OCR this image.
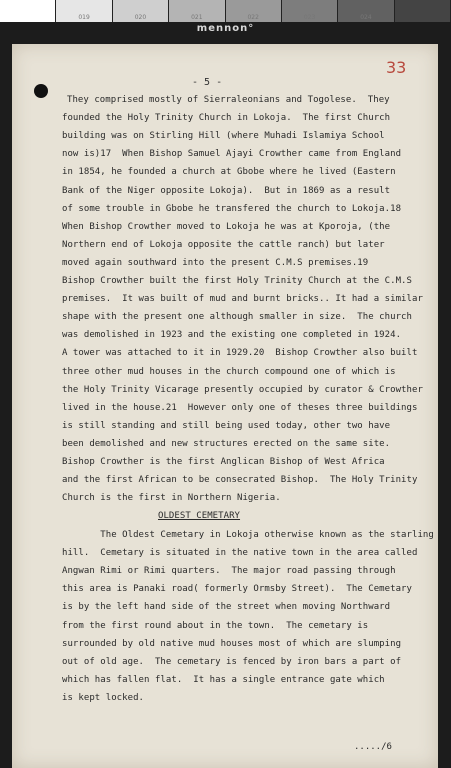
019	020	021	022	023	024
mennon°
33
- 5 -
They comprised mostly of Sierraleonians and Togolese.  They
founded the Holy Trinity Church in Lokoja.  The first Church
building was on Stirling Hill (where Muhadi Islamiya School
now is)17  When Bishop Samuel Ajayi Crowther came from England
in 1854, he founded a church at Gbobe where he lived (Eastern
Bank of the Niger opposite Lokoja).  But in 1869 as a result
of some trouble in Gbobe he transfered the church to Lokoja.18
When Bishop Crowther moved to Lokoja he was at Kporoja, (the
Northern end of Lokoja opposite the cattle ranch) but later
moved again southward into the present C.M.S premises.19
Bishop Crowther built the first Holy Trinity Church at the C.M.S
premises.  It was built of mud and burnt bricks.. It had a similar
shape with the present one although smaller in size.  The church
was demolished in 1923 and the existing one completed in 1924.
A tower was attached to it in 1929.20  Bishop Crowther also built
three other mud houses in the church compound one of which is
the Holy Trinity Vicarage presently occupied by curator & Crowther
lived in the house.21  However only one of theses three buildings
is still standing and still being used today, other two have
been demolished and new structures erected on the same site.
Bishop Crowther is the first Anglican Bishop of West Africa
and the first African to be consecrated Bishop.  The Holy Trinity
Church is the first in Northern Nigeria.
OLDEST CEMETARY
The Oldest Cemetary in Lokoja otherwise known as the starling
hill.  Cemetary is situated in the native town in the area called
Angwan Rimi or Rimi quarters.  The major road passing through
this area is Panaki road( formerly Ormsby Street).  The Cemetary
is by the left hand side of the street when moving Northward
from the first round about in the town.  The cemetary is
surrounded by old native mud houses most of which are slumping
out of old age.  The cemetary is fenced by iron bars a part of
which has fallen flat.  It has a single entrance gate which
is kept locked.
...../6
